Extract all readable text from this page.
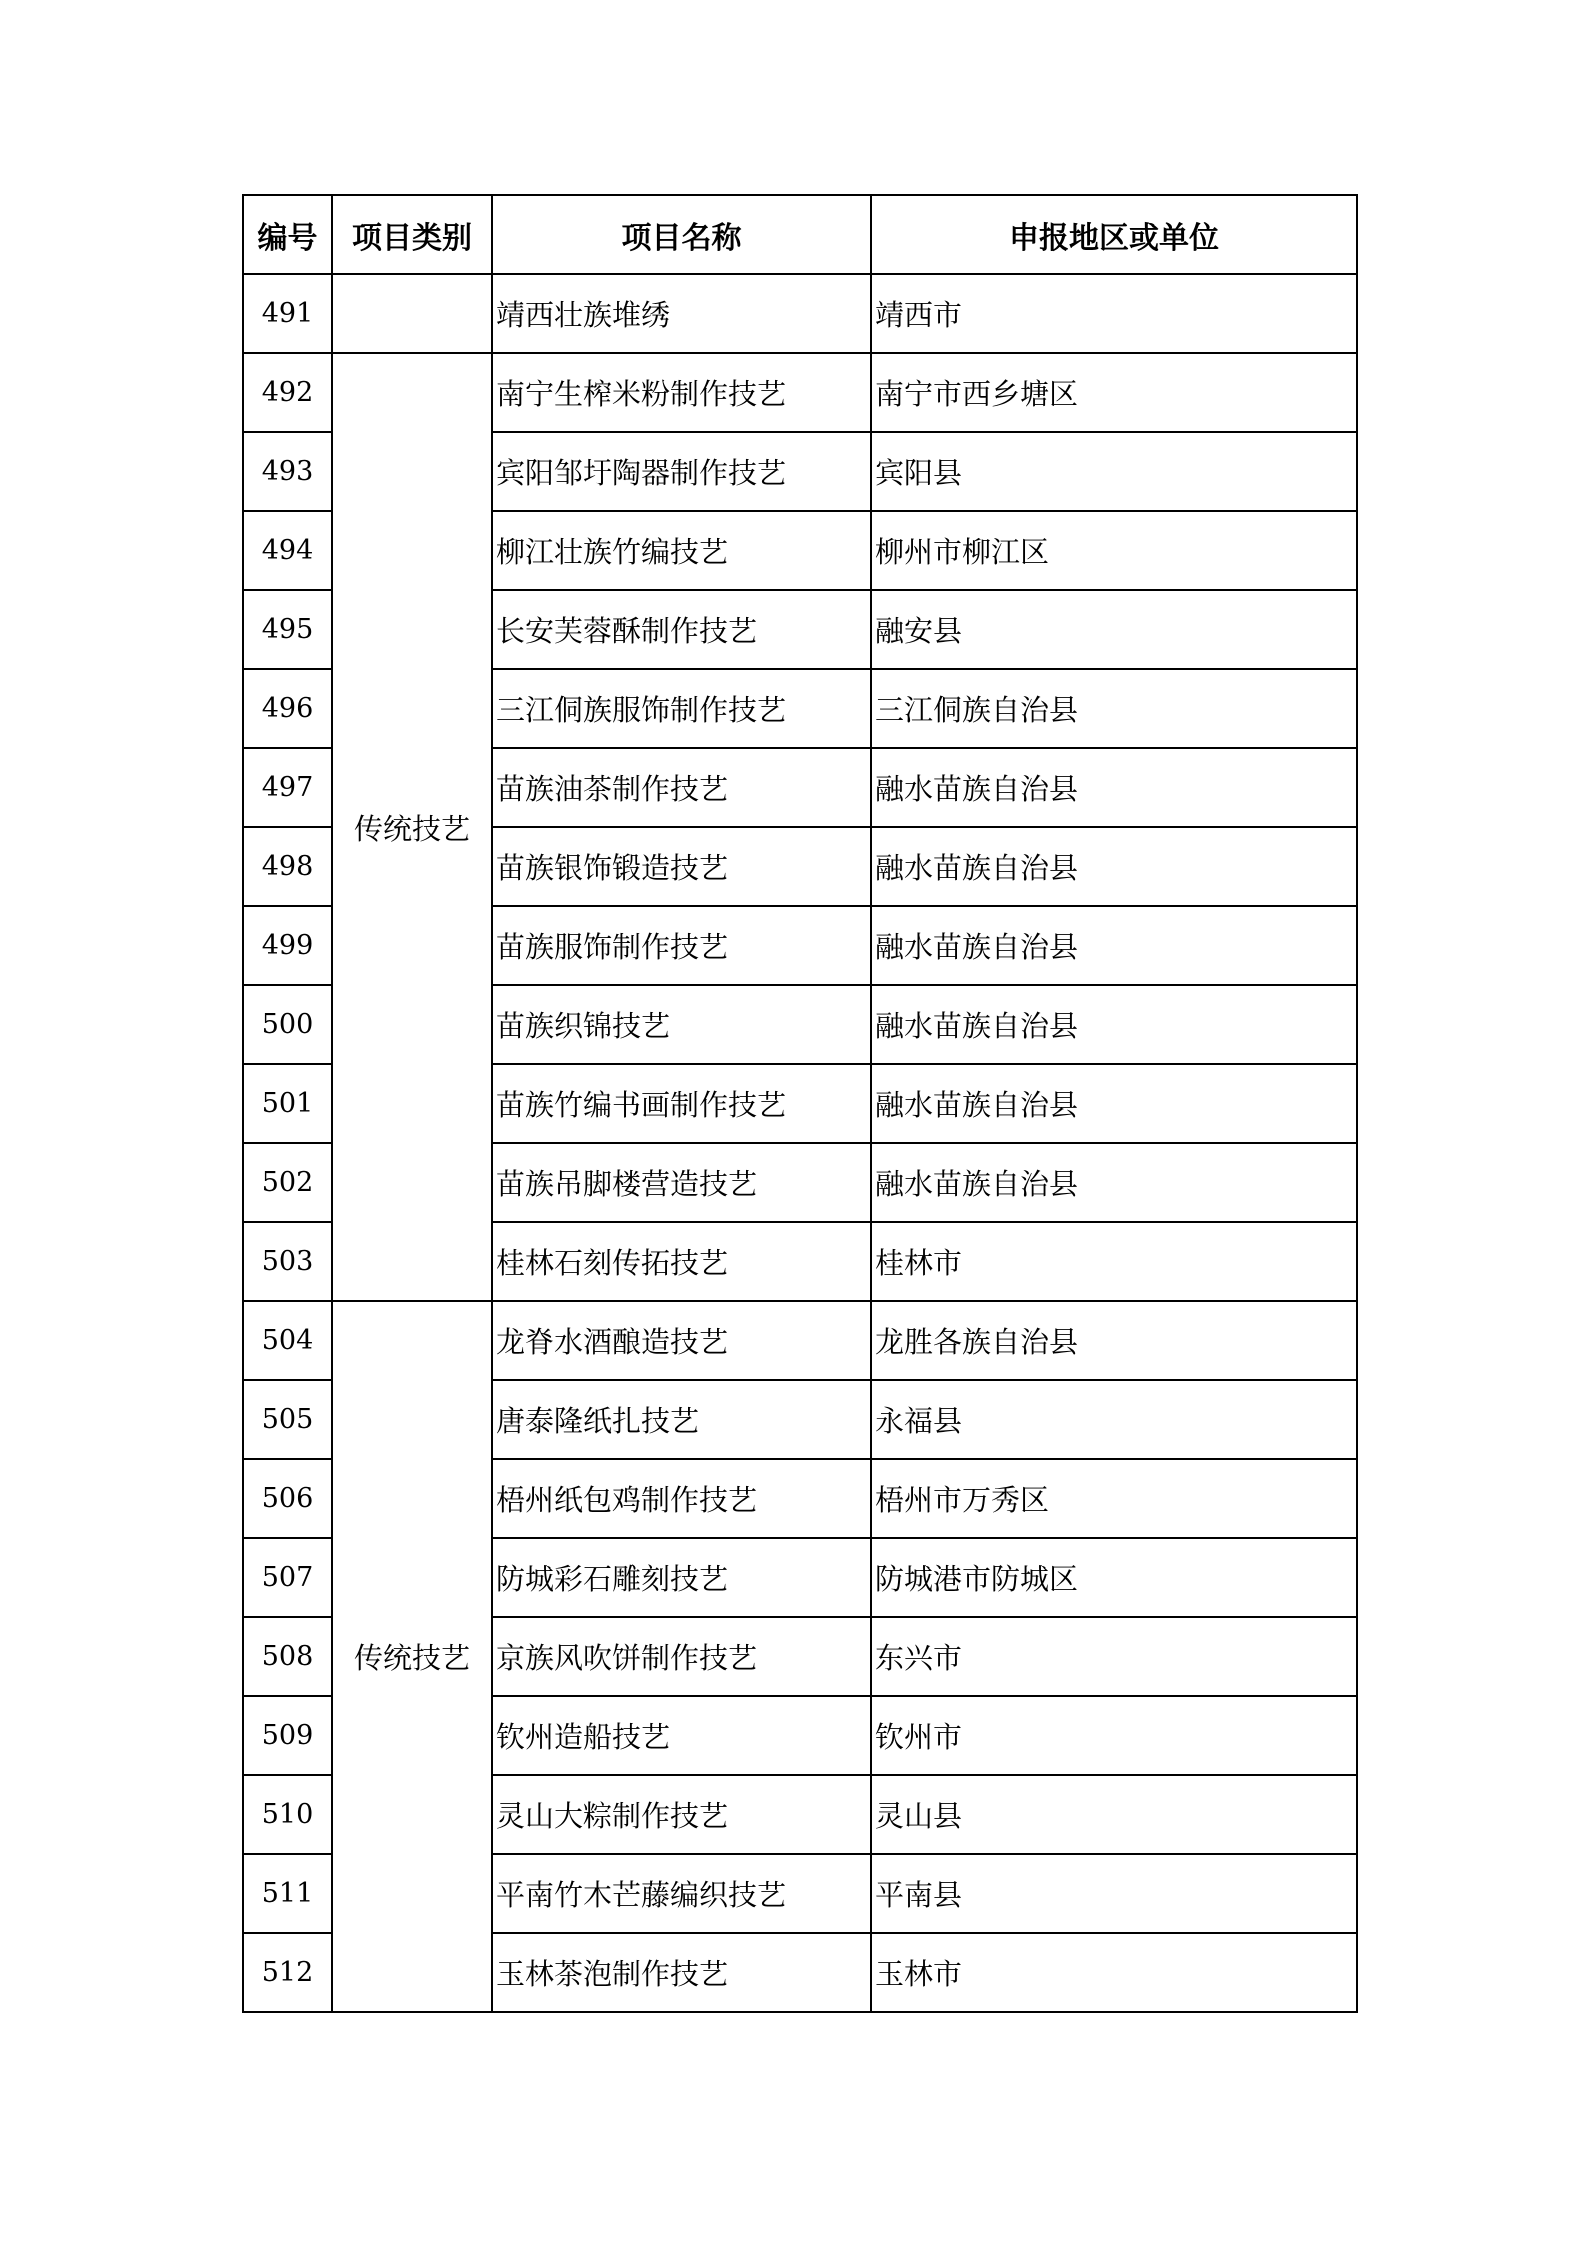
编号	项目类别	项目名称	申报地区或单位
491		靖西壮族堆绣	靖西市
492	传统技艺	南宁生榨米粉制作技艺	南宁市西乡塘区
493		宾阳邹圩陶器制作技艺	宾阳县
494		柳江壮族竹编技艺	柳州市柳江区
495		长安芙蓉酥制作技艺	融安县
496		三江侗族服饰制作技艺	三江侗族自治县
497		苗族油茶制作技艺	融水苗族自治县
498		苗族银饰锻造技艺	融水苗族自治县
499		苗族服饰制作技艺	融水苗族自治县
500		苗族织锦技艺	融水苗族自治县
501		苗族竹编书画制作技艺	融水苗族自治县
502		苗族吊脚楼营造技艺	融水苗族自治县
503		桂林石刻传拓技艺	桂林市
504	传统技艺	龙脊水酒酿造技艺	龙胜各族自治县
505		唐泰隆纸扎技艺	永福县
506		梧州纸包鸡制作技艺	梧州市万秀区
507		防城彩石雕刻技艺	防城港市防城区
508		京族风吹饼制作技艺	东兴市
509		钦州造船技艺	钦州市
510		灵山大粽制作技艺	灵山县
511		平南竹木芒藤编织技艺	平南县
512		玉林茶泡制作技艺	玉林市
